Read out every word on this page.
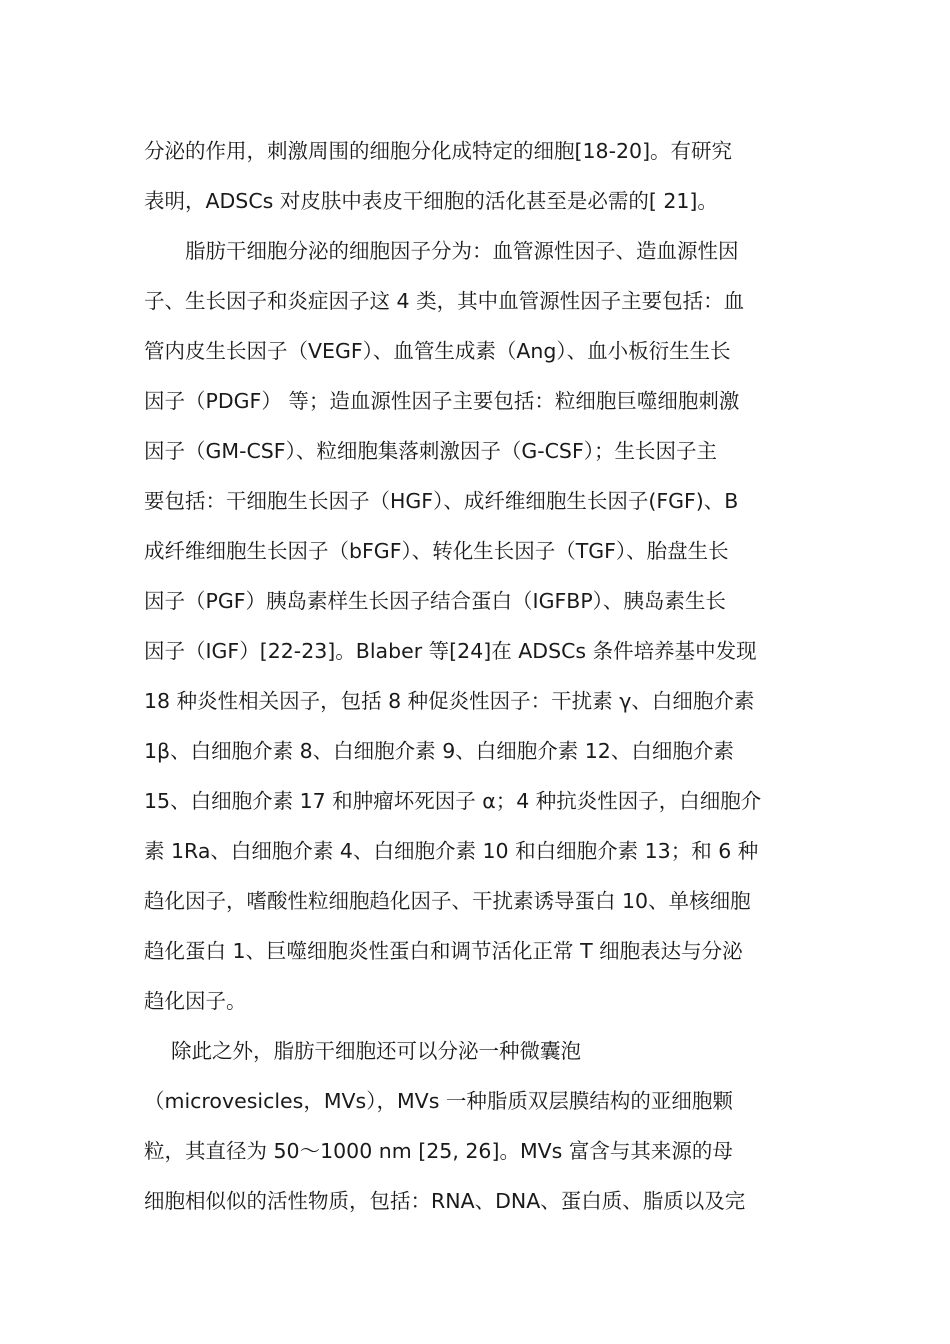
分泌的作用，刺激周围的细胞分化成特定的细胞[18-20]。有研究
表明，ADSCs 对皮肤中表皮干细胞的活化甚至是必需的[ 21]。
　　脂肪干细胞分泌的细胞因子分为：血管源性因子、造血源性因
子、生长因子和炎症因子这 4 类，其中血管源性因子主要包括：血
管内皮生长因子（VEGF）、血管生成素（Ang）、血小板衍生生长
因子（PDGF） 等；造血源性因子主要包括：粒细胞巨噬细胞刺激
因子（GM-CSF）、粒细胞集落刺激因子（G-CSF）；生长因子主
要包括：干细胞生长因子（HGF）、成纤维细胞生长因子(FGF)、B
成纤维细胞生长因子（bFGF）、转化生长因子（TGF）、胎盘生长
因子（PGF）胰岛素样生长因子结合蛋白（IGFBP）、胰岛素生长
因子（IGF）[22-23]。Blaber 等[24]在 ADSCs 条件培养基中发现
18 种炎性相关因子，包括 8 种促炎性因子：干扰素 γ、白细胞介素
1β、白细胞介素 8、白细胞介素 9、白细胞介素 12、白细胞介素
15、白细胞介素 17 和肿瘤坏死因子 α；4 种抗炎性因子，白细胞介
素 1Ra、白细胞介素 4、白细胞介素 10 和白细胞介素 13；和 6 种
趋化因子，嗜酸性粒细胞趋化因子、干扰素诱导蛋白 10、单核细胞
趋化蛋白 1、巨噬细胞炎性蛋白和调节活化正常 T 细胞表达与分泌
趋化因子。
　 除此之外，脂肪干细胞还可以分泌一种微囊泡
（microvesicles，MVs），MVs 一种脂质双层膜结构的亚细胞颗
粒，其直径为 50～1000 nm [25, 26]。MVs 富含与其来源的母
细胞相似似的活性物质，包括：RNA、DNA、蛋白质、脂质以及完
